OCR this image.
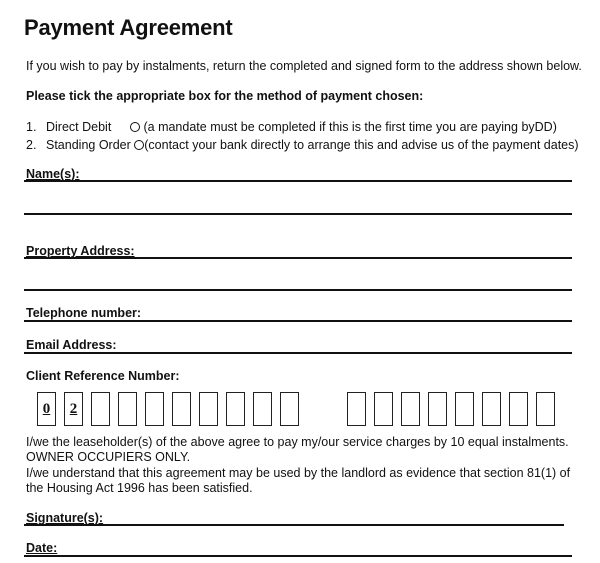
Payment Agreement
If you wish to pay by instalments, return the completed and signed form to the address shown below.
Please tick the appropriate box for the method of payment chosen:
1. Direct Debit	(a mandate must be completed if this is the first time you are paying byDD)
2. Standing Order (contact your bank directly to arrange this and advise us of the payment dates)
Name(s):
Property Address:
Telephone number:
Email Address:
Client Reference Number:
0	2
I/we the leaseholder(s) of the above agree to pay my/our service charges by 10 equal instalments.
OWNER OCCUPIERS ONLY.
I/we understand that this agreement may be used by the landlord as evidence that section 81(1) of
the Housing Act 1996 has been satisfied.
Signature(s):
Date:
